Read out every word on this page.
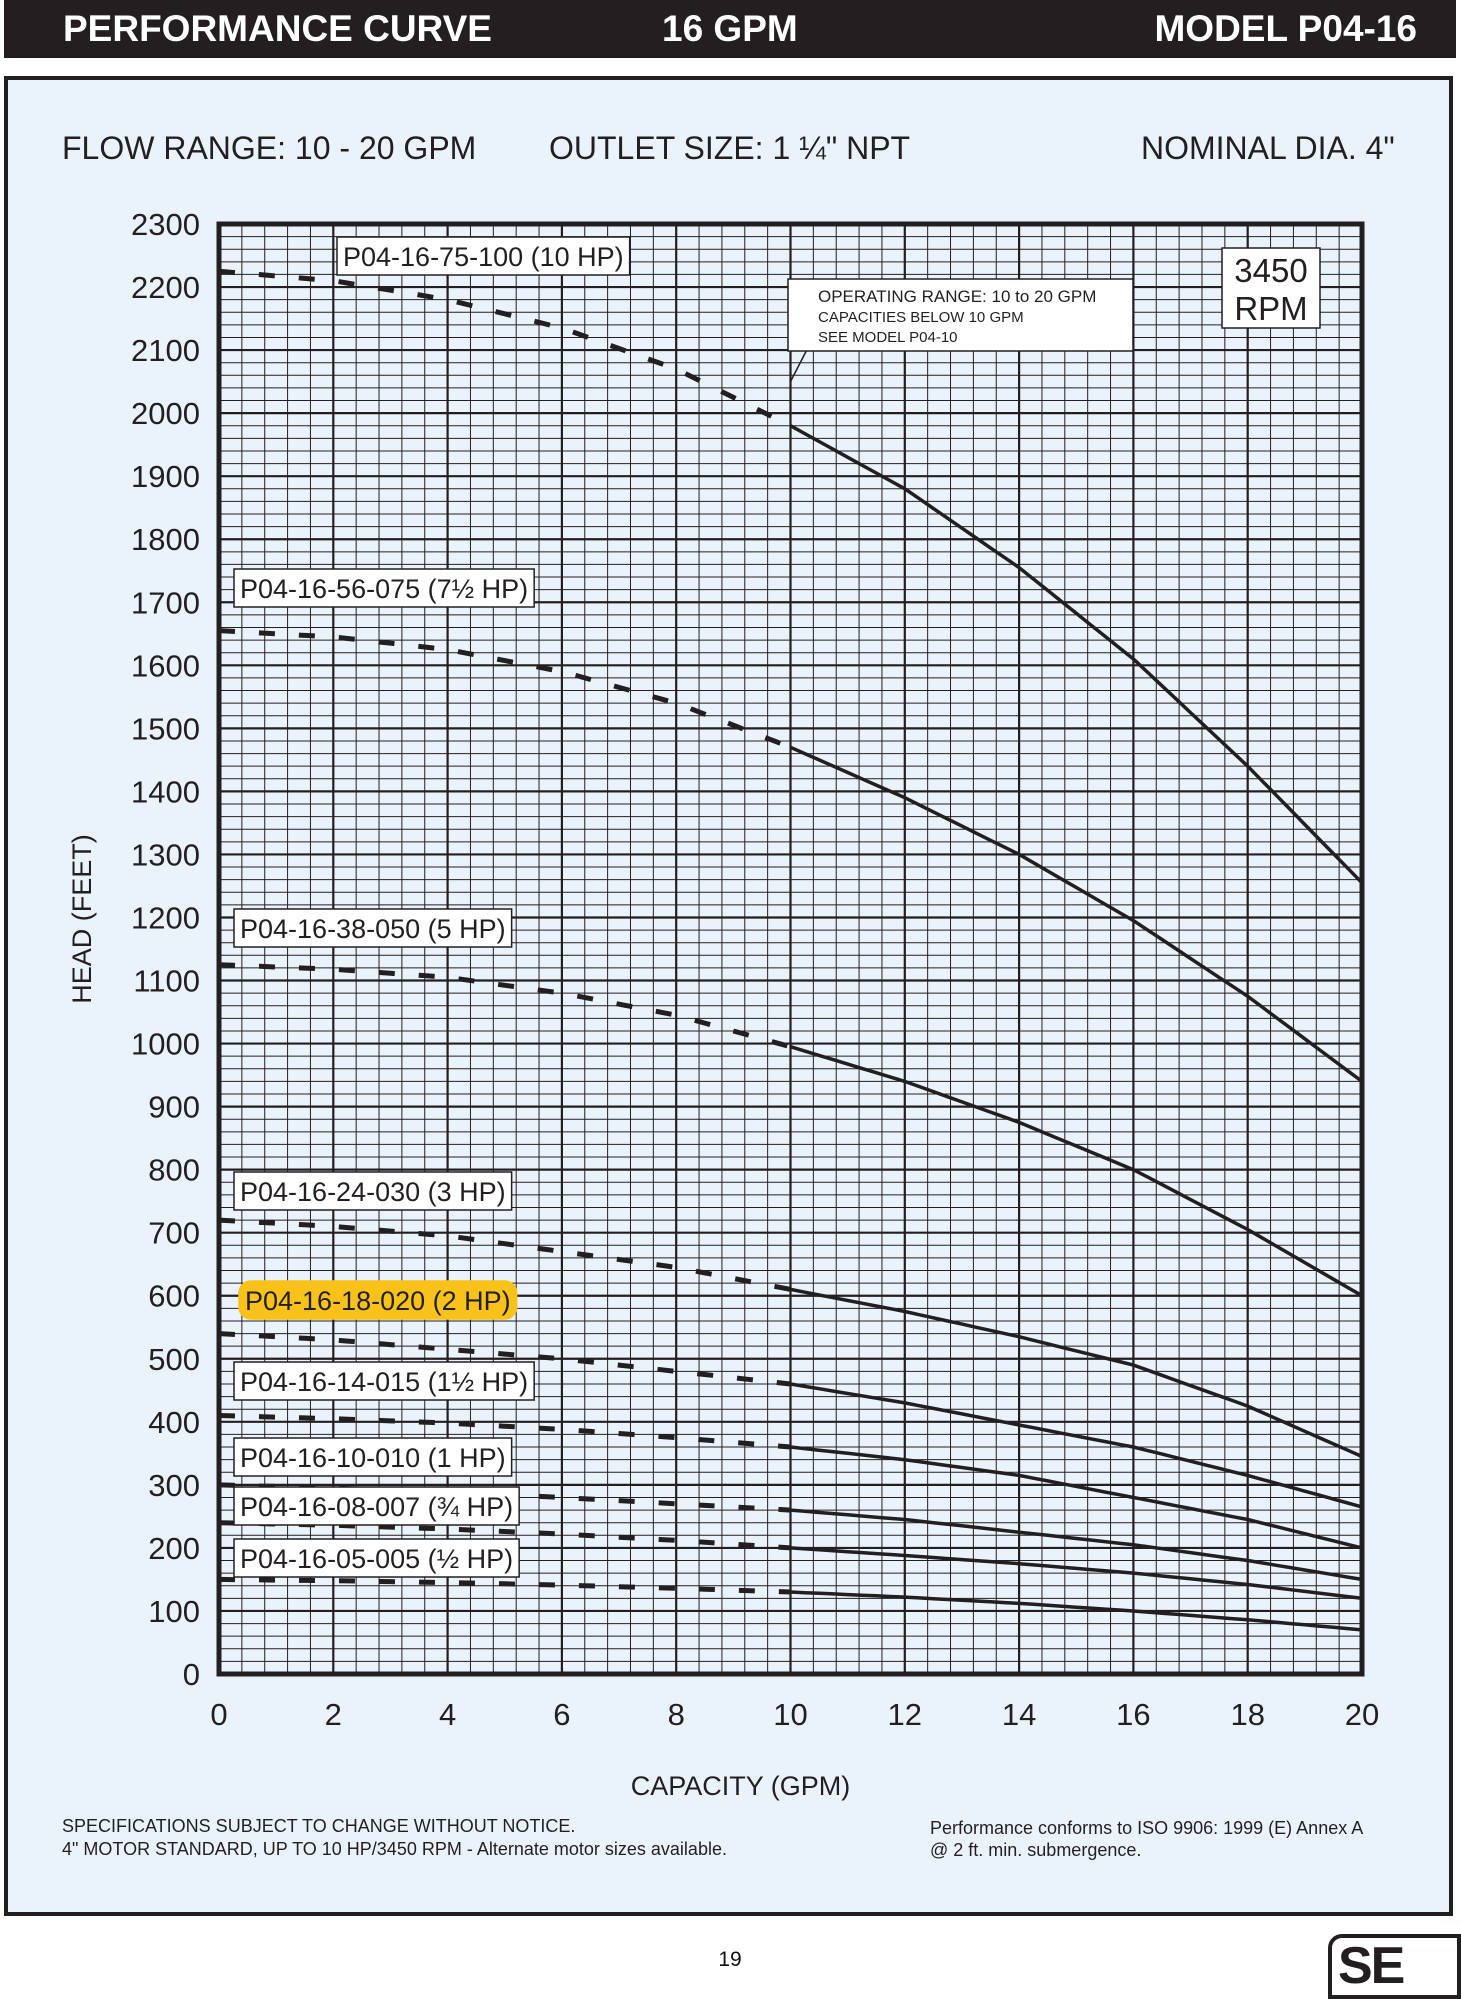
PERFORMANCE CURVE	16 GPM	MODEL P04-16
FLOW RANGE: 10 - 20 GPM OUTLET SIZE: 1 ¼" NPT	NOMINAL DIA. 4"
0	2	4	6	8	10	12	14	16	18	20
0
100
200
300
400
500
600
700
800
900
1000
1100
1200
1300
1400
1500
1600
1700
1800
1900
2000
2100
2200
2300
CAPACITY (GPM)
HEAD (FEET)
P04-16-75-100 (10 HP)
P04-16-56-075 (7½ HP)
P04-16-38-050 (5 HP)
P04-16-24-030 (3 HP)
P04-16-18-020 (2 HP)
P04-16-14-015 (1½ HP)
P04-16-10-010 (1 HP)
P04-16-08-007 (¾ HP)
P04-16-05-005 (½ HP)
OPERATING RANGE: 10 to 20 GPM
CAPACITIES BELOW 10 GPM
SEE MODEL P04-10
3450
RPM
SPECIFICATIONS SUBJECT TO CHANGE WITHOUT NOTICE.
4" MOTOR STANDARD, UP TO 10 HP/3450 RPM - Alternate motor sizes available.
Performance conforms to ISO 9906: 1999 (E) Annex A
@ 2 ft. min. submergence.
19	SE
